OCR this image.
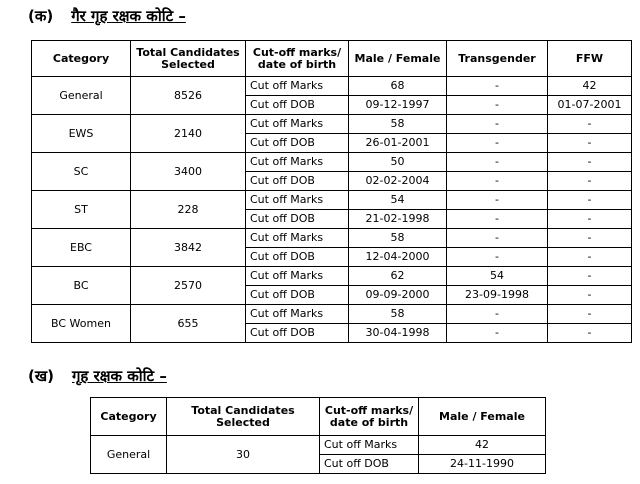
(क) गैर गृह रक्षक कोटि –
Category	Total Candidates Selected	Cut-off marks/ date of birth	Male / Female	Transgender	FFW
General	8526	Cut off Marks	68	-	42
		Cut off DOB	09-12-1997	-	01-07-2001
EWS	2140	Cut off Marks	58	-	-
		Cut off DOB	26-01-2001	-	-
SC	3400	Cut off Marks	50	-	-
		Cut off DOB	02-02-2004	-	-
ST	228	Cut off Marks	54	-	-
		Cut off DOB	21-02-1998	-	-
EBC	3842	Cut off Marks	58	-	-
		Cut off DOB	12-04-2000	-	-
BC	2570	Cut off Marks	62	54	-
		Cut off DOB	09-09-2000	23-09-1998	-
BC Women	655	Cut off Marks	58	-	-
		Cut off DOB	30-04-1998	-	-
(ख) गृह रक्षक कोटि –
Category	Total Candidates Selected	Cut-off marks/ date of birth	Male / Female
General	30	Cut off Marks	42
		Cut off DOB	24-11-1990
